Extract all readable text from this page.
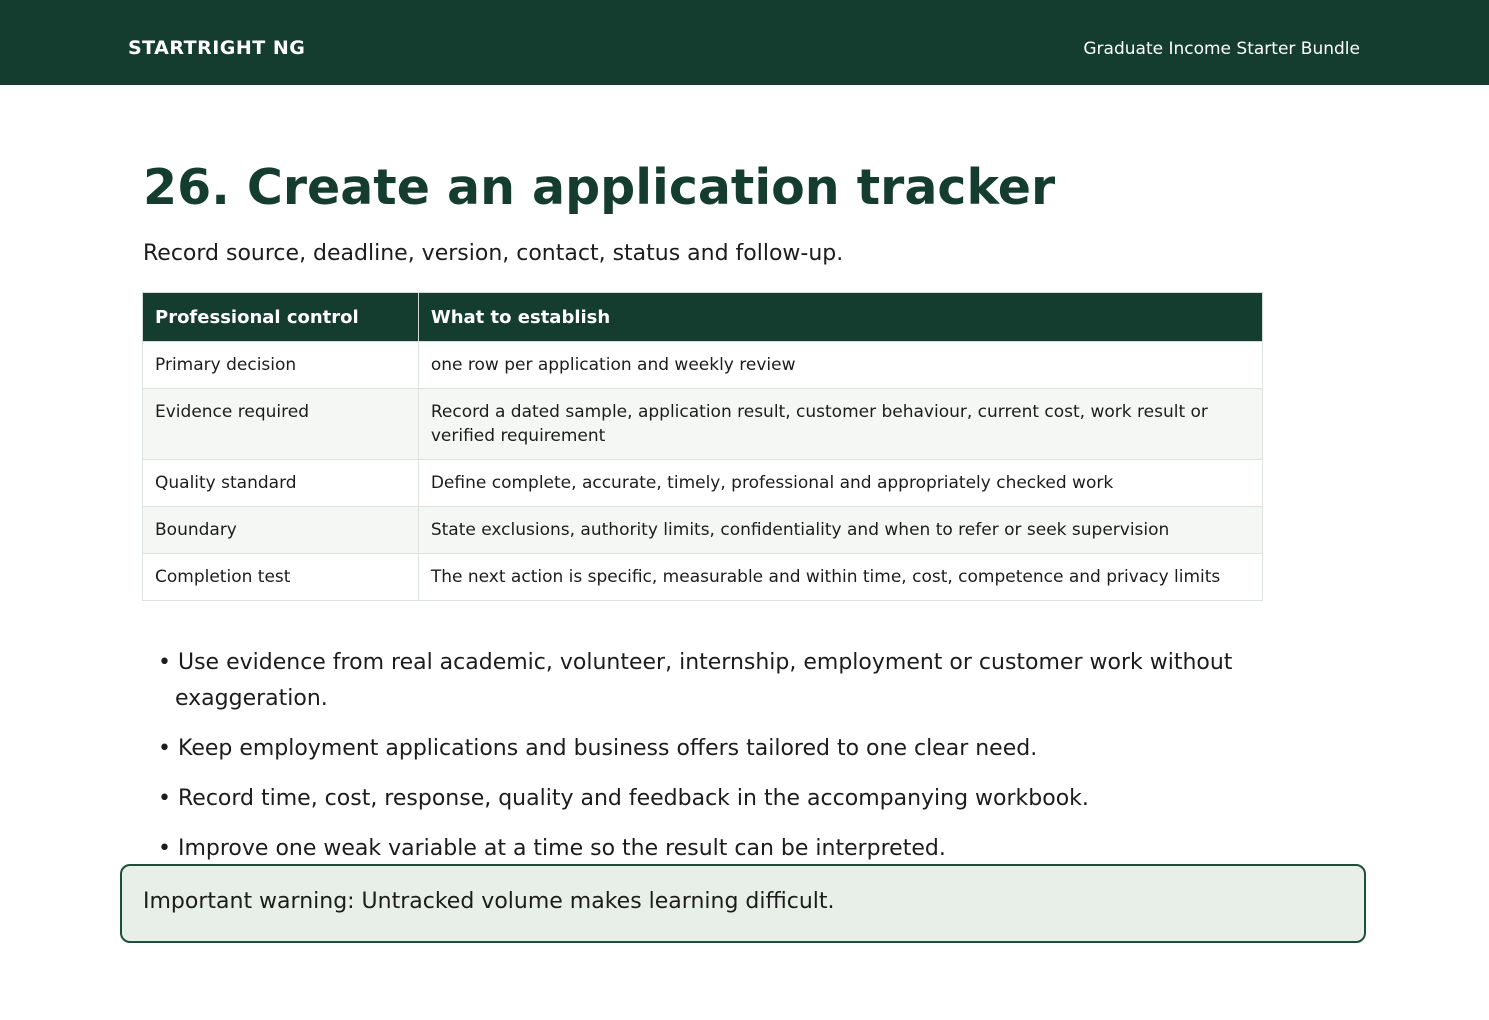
STARTRIGHT NG	Graduate Income Starter Bundle
26. Create an application tracker
Record source, deadline, version, contact, status and follow-up.
Professional control	What to establish
Primary decision	one row per application and weekly review
Evidence required	Record a dated sample, application result, customer behaviour, current cost, work result or verified requirement
Quality standard	Define complete, accurate, timely, professional and appropriately checked work
Boundary	State exclusions, authority limits, confidentiality and when to refer or seek supervision
Completion test	The next action is specific, measurable and within time, cost, competence and privacy limits
• Use evidence from real academic, volunteer, internship, employment or customer work without exaggeration.
• Keep employment applications and business offers tailored to one clear need.
• Record time, cost, response, quality and feedback in the accompanying workbook.
• Improve one weak variable at a time so the result can be interpreted.
Important warning: Untracked volume makes learning difficult.
